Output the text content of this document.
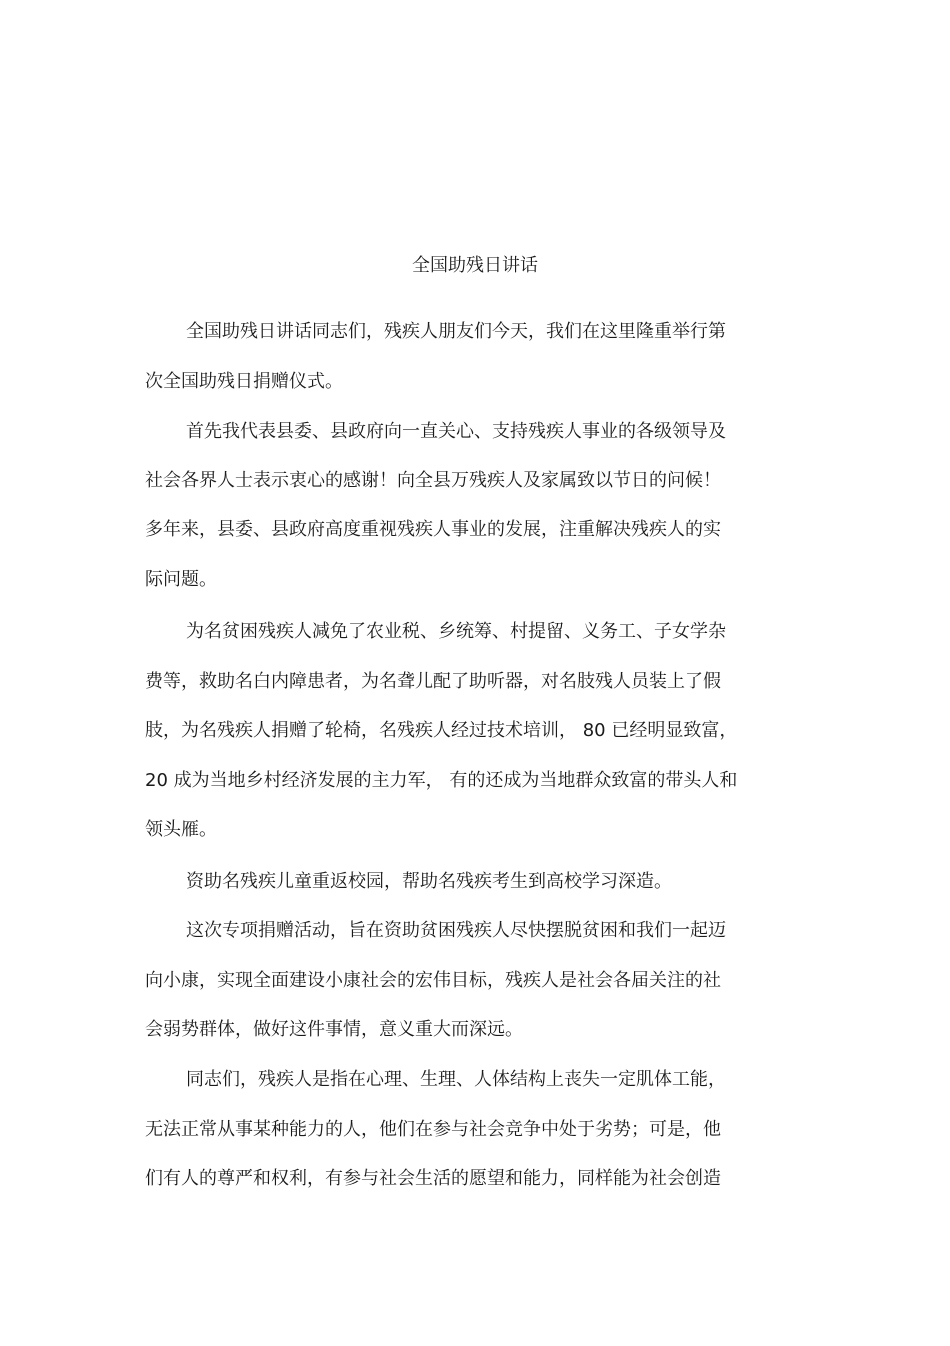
全国助残日讲话
全国助残日讲话同志们，残疾人朋友们今天，我们在这里隆重举行第
次全国助残日捐赠仪式。
首先我代表县委、县政府向一直关心、支持残疾人事业的各级领导及
社会各界人士表示衷心的感谢！向全县万残疾人及家属致以节日的问候！
多年来，县委、县政府高度重视残疾人事业的发展，注重解决残疾人的实
际问题。
为名贫困残疾人减免了农业税、乡统筹、村提留、义务工、子女学杂
费等，救助名白内障患者，为名聋儿配了助听器，对名肢残人员装上了假
肢，为名残疾人捐赠了轮椅，名残疾人经过技术培训， 80 已经明显致富，
20 成为当地乡村经济发展的主力军， 有的还成为当地群众致富的带头人和
领头雁。
资助名残疾儿童重返校园，帮助名残疾考生到高校学习深造。
这次专项捐赠活动，旨在资助贫困残疾人尽快摆脱贫困和我们一起迈
向小康，实现全面建设小康社会的宏伟目标，残疾人是社会各届关注的社
会弱势群体，做好这件事情，意义重大而深远。
同志们，残疾人是指在心理、生理、人体结构上丧失一定肌体工能，
无法正常从事某种能力的人，他们在参与社会竞争中处于劣势；可是，他
们有人的尊严和权利，有参与社会生活的愿望和能力，同样能为社会创造
